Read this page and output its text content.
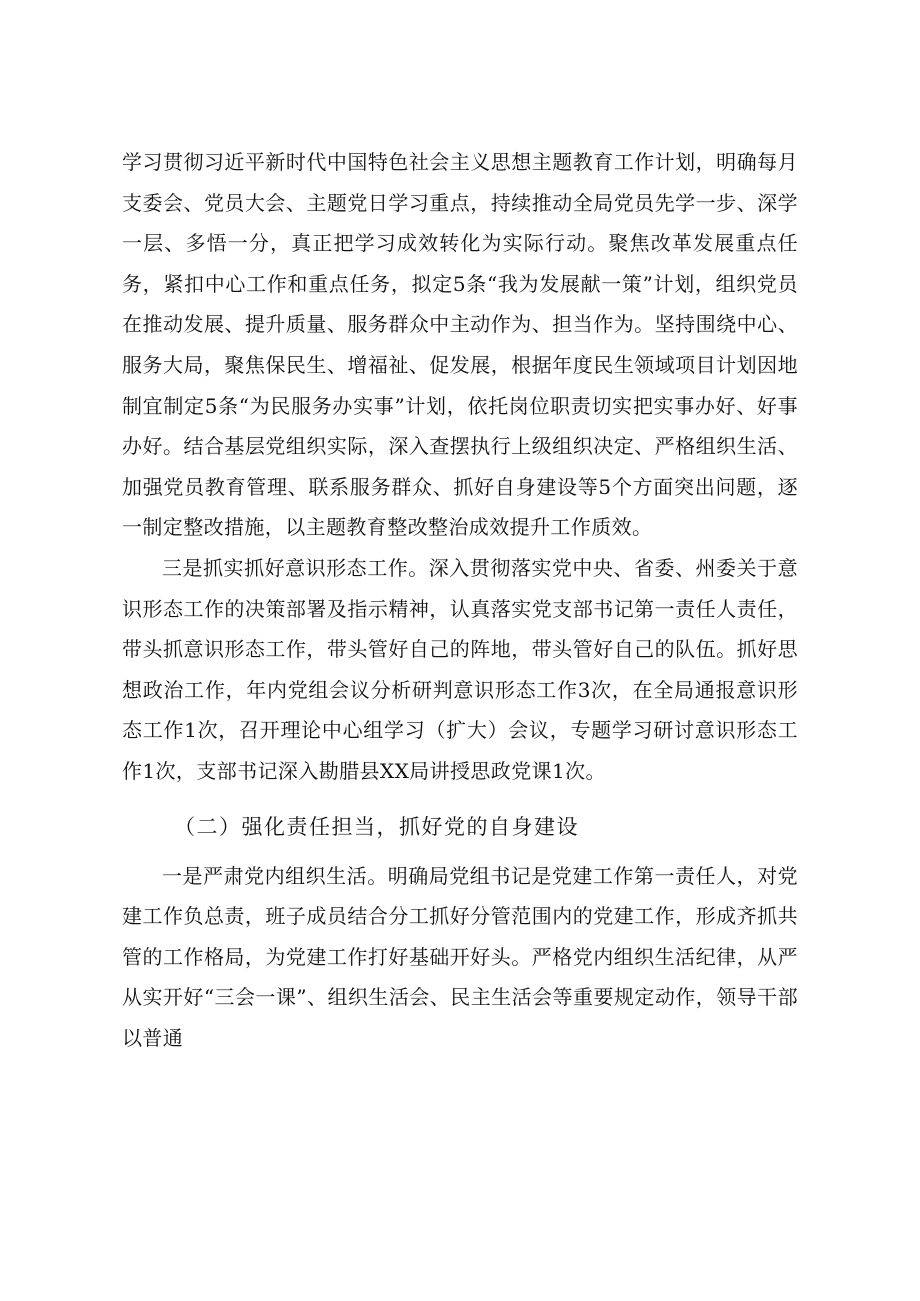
学习贯彻习近平新时代中国特色社会主义思想主题教育工作计划，明确每月支委会、党员大会、主题党日学习重点，持续推动全局党员先学一步、深学一层、多悟一分，真正把学习成效转化为实际行动。聚焦改革发展重点任务，紧扣中心工作和重点任务，拟定5条“我为发展献一策”计划，组织党员在推动发展、提升质量、服务群众中主动作为、担当作为。坚持围绕中心、服务大局，聚焦保民生、增福祉、促发展，根据年度民生领域项目计划因地制宜制定5条“为民服务办实事”计划，依托岗位职责切实把实事办好、好事办好。结合基层党组织实际，深入查摆执行上级组织决定、严格组织生活、加强党员教育管理、联系服务群众、抓好自身建设等5个方面突出问题，逐一制定整改措施，以主题教育整改整治成效提升工作质效。

三是抓实抓好意识形态工作。深入贯彻落实党中央、省委、州委关于意识形态工作的决策部署及指示精神，认真落实党支部书记第一责任人责任，带头抓意识形态工作，带头管好自己的阵地，带头管好自己的队伍。抓好思想政治工作，年内党组会议分析研判意识形态工作3次，在全局通报意识形态工作1次，召开理论中心组学习（扩大）会议，专题学习研讨意识形态工作1次，支部书记深入勘腊县XX局讲授思政党课1次。

（二）强化责任担当，抓好党的自身建设

一是严肃党内组织生活。明确局党组书记是党建工作第一责任人，对党建工作负总责，班子成员结合分工抓好分管范围内的党建工作，形成齐抓共管的工作格局，为党建工作打好基础开好头。严格党内组织生活纪律，从严从实开好“三会一课”、组织生活会、民主生活会等重要规定动作，领导干部以普通
